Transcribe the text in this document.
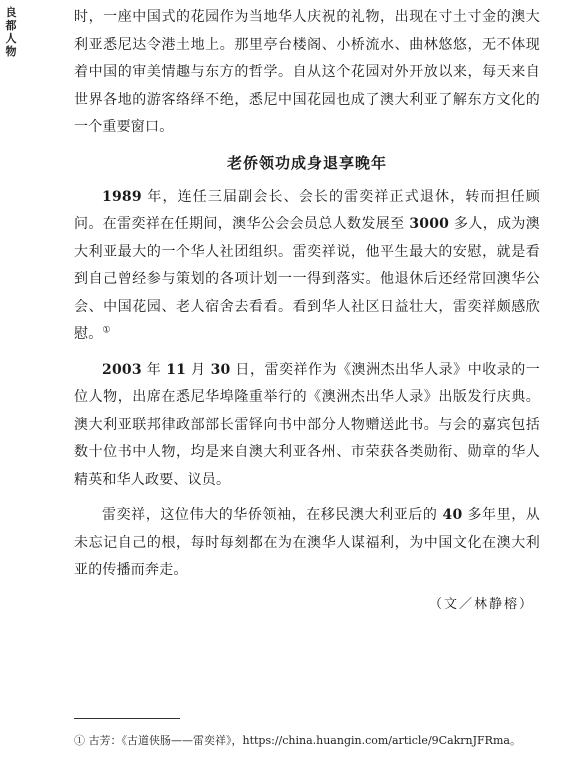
良
都
人
物

时，一座中国式的花园作为当地华人庆祝的礼物，出现在寸土寸金的澳大利亚悉尼达令港土地上。那里亭台楼阁、小桥流水、曲林悠悠，无不体现着中国的审美情趣与东方的哲学。自从这个花园对外开放以来，每天来自世界各地的游客络绎不绝，悉尼中国花园也成了澳大利亚了解东方文化的一个重要窗口。

老侨领功成身退享晚年

1989 年，连任三届副会长、会长的雷奕祥正式退休，转而担任顾问。在雷奕祥在任期间，澳华公会会员总人数发展至 3000 多人，成为澳大利亚最大的一个华人社团组织。雷奕祥说，他平生最大的安慰，就是看到自己曾经参与策划的各项计划一一得到落实。他退休后还经常回澳华公会、中国花园、老人宿舍去看看。看到华人社区日益壮大，雷奕祥颇感欣慰。①

2003 年 11 月 30 日，雷奕祥作为《澳洲杰出华人录》中收录的一位人物，出席在悉尼华埠隆重举行的《澳洲杰出华人录》出版发行庆典。澳大利亚联邦律政部部长雷铎向书中部分人物赠送此书。与会的嘉宾包括数十位书中人物，均是来自澳大利亚各州、市荣获各类勋衔、勋章的华人精英和华人政要、议员。

雷奕祥，这位伟大的华侨领袖，在移民澳大利亚后的 40 多年里，从未忘记自己的根，每时每刻都在为在澳华人谋福利，为中国文化在澳大利亚的传播而奔走。

（文／林静榕）
① 古芳：《古道侠肠——雷奕祥》，https://china.huangin.com/article/9CakrnJFRma。
